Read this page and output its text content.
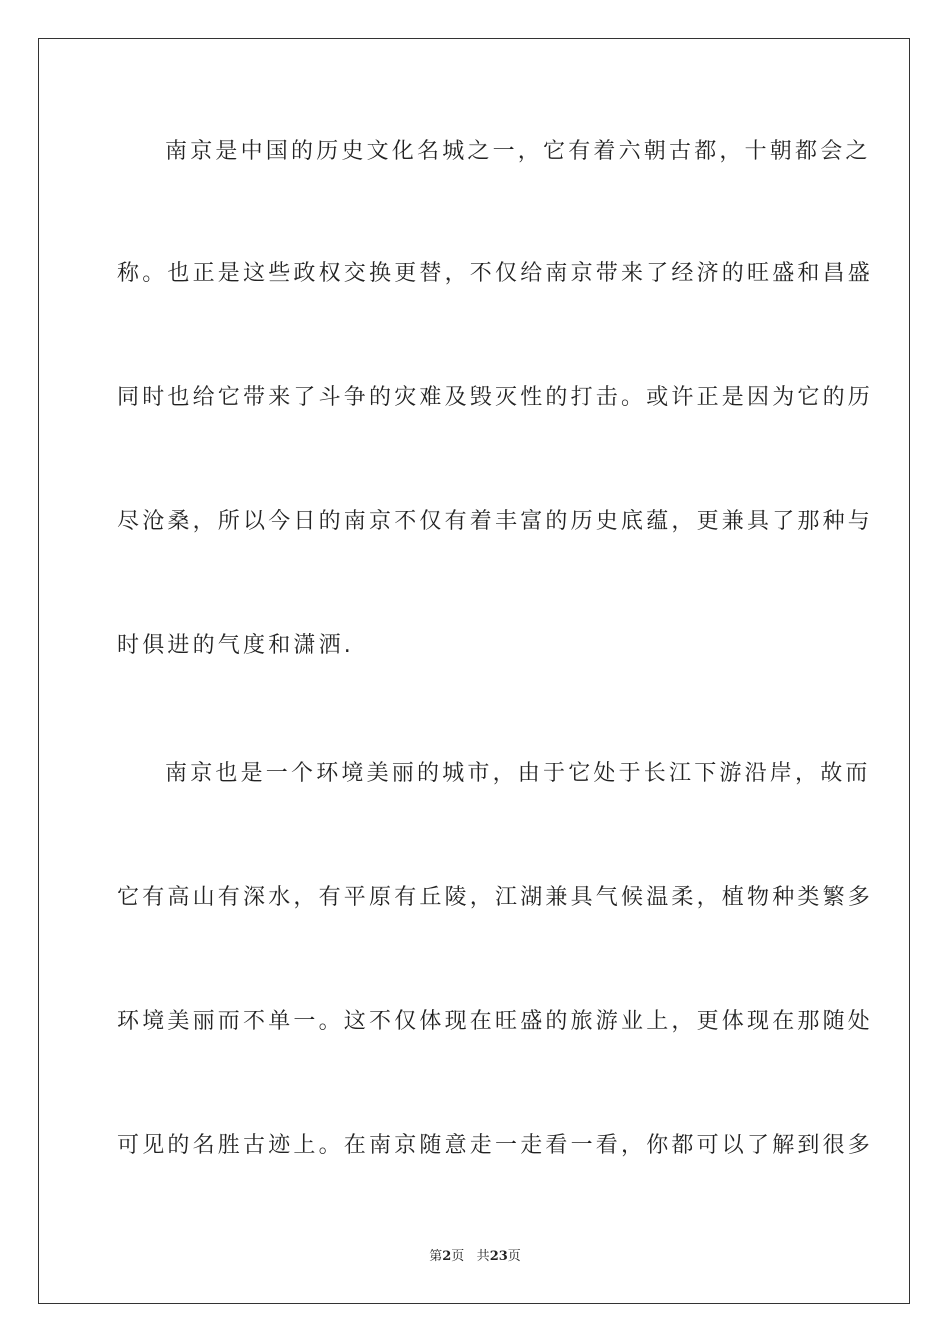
南京是中国的历史文化名城之一，它有着六朝古都，十朝都会之
称。也正是这些政权交换更替，不仅给南京带来了经济的旺盛和昌盛
同时也给它带来了斗争的灾难及毁灭性的打击。或许正是因为它的历
尽沧桑，所以今日的南京不仅有着丰富的历史底蕴，更兼具了那种与
时俱进的气度和潇洒.
南京也是一个环境美丽的城市，由于它处于长江下游沿岸，故而
它有高山有深水，有平原有丘陵，江湖兼具气候温柔，植物种类繁多
环境美丽而不单一。这不仅体现在旺盛的旅游业上，更体现在那随处
可见的名胜古迹上。在南京随意走一走看一看，你都可以了解到很多
第2页 共23页
